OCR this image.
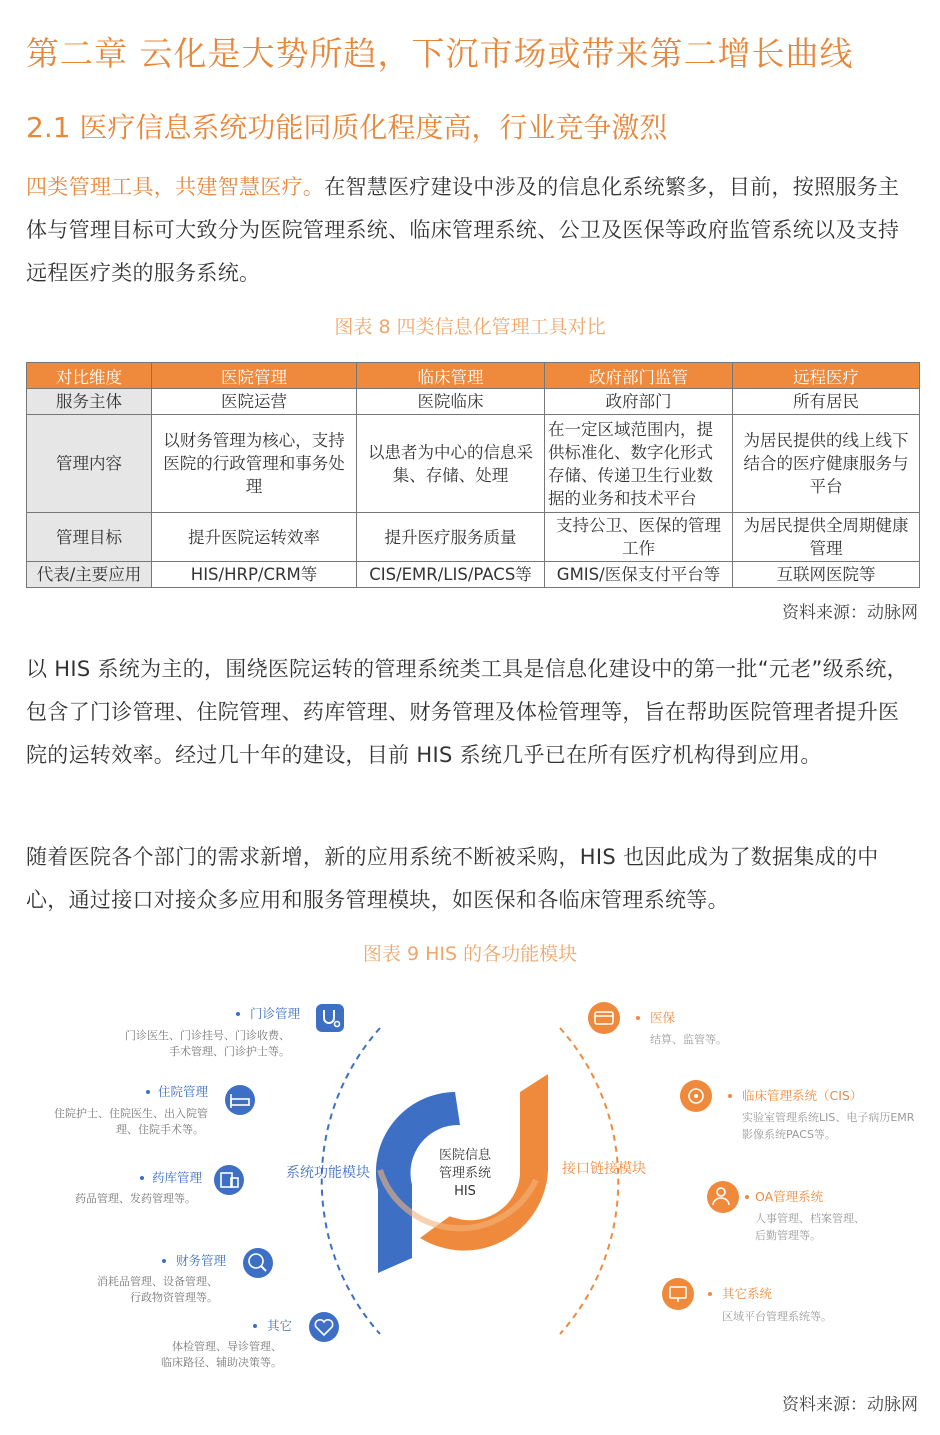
第二章 云化是大势所趋，下沉市场或带来第二增长曲线
2.1 医疗信息系统功能同质化程度高，行业竞争激烈
四类管理工具，共建智慧医疗。在智慧医疗建设中涉及的信息化系统繁多，目前，按照服务主体与管理目标可大致分为医院管理系统、临床管理系统、公卫及医保等政府监管系统以及支持远程医疗类的服务系统。
图表 8 四类信息化管理工具对比
对比维度	医院管理	临床管理	政府部门监管	远程医疗
服务主体	医院运营	医院临床	政府部门	所有居民
管理内容	以财务管理为核心，支持医院的行政管理和事务处理	以患者为中心的信息采集、存储、处理	在一定区域范围内，提供标准化、数字化形式存储、传递卫生行业数据的业务和技术平台	为居民提供的线上线下结合的医疗健康服务与平台
管理目标	提升医院运转效率	提升医疗服务质量	支持公卫、医保的管理工作	为居民提供全周期健康管理
代表/主要应用	HIS/HRP/CRM等	CIS/EMR/LIS/PACS等	GMIS/医保支付平台等	互联网医院等
资料来源：动脉网
以 HIS 系统为主的，围绕医院运转的管理系统类工具是信息化建设中的第一批“元老”级系统，包含了门诊管理、住院管理、药库管理、财务管理及体检管理等，旨在帮助医院管理者提升医院的运转效率。经过几十年的建设，目前 HIS 系统几乎已在所有医疗机构得到应用。
随着医院各个部门的需求新增，新的应用系统不断被采购，HIS 也因此成为了数据集成的中心，通过接口对接众多应用和服务管理模块，如医保和各临床管理系统等。
图表 9 HIS 的各功能模块
医院信息
管理系统
HIS
系统功能模块	接口链接模块
门诊管理
门诊医生、门诊挂号、门诊收费、
手术管理、门诊护士等。
住院管理
住院护士、住院医生、出入院管
理、住院手术等。
药库管理
药品管理、发药管理等。
财务管理
消耗品管理、设备管理、
行政物资管理等。
其它
体检管理、导诊管理、
临床路径、辅助决策等。
医保
结算、监管等。
临床管理系统（CIS）
实验室管理系统LIS、电子病历EMR
影像系统PACS等。
OA管理系统
人事管理、档案管理、
后勤管理等。
其它系统
区域平台管理系统等。
资料来源：动脉网
